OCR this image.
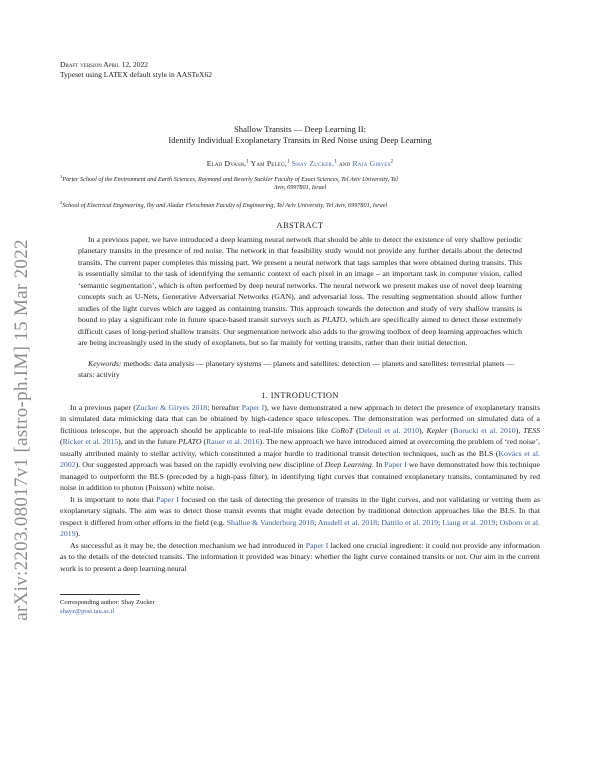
arXiv:2203.08017v1 [astro-ph.IM] 15 Mar 2022
Draft version April 12, 2022
Typeset using LATEX default style in AASTeX62
Shallow Transits — Deep Learning II:
Identify Individual Exoplanetary Transits in Red Noise using Deep Learning
Elad Dvash,$^1$ Yam Peleg,$^1$ Shay Zucker,$^1$ and Raja Giryes$^2$
$^1$Porter School of the Environment and Earth Sciences, Raymond and Beverly Sackler Faculty of Exact Sciences, Tel Aviv University, Tel
Aviv, 6997801, Israel
$^2$School of Electrical Engineering, Iby and Aladar Fleischman Faculty of Engineering, Tel Aviv University, Tel Aviv, 6997801, Israel
ABSTRACT
In a previous paper, we have introduced a deep learning neural network that should be able to detect the existence of very shallow periodic planetary transits in the presence of red noise. The network in that feasibility study would not provide any further details about the detected transits. The current paper completes this missing part. We present a neural network that tags samples that were obtained during transits. This is essentially similar to the task of identifying the semantic context of each pixel in an image – an important task in computer vision, called ‘semantic segmentation’, which is often performed by deep neural networks. The neural network we present makes use of novel deep learning concepts such as U-Nets, Generative Adversarial Networks (GAN), and adversarial loss. The resulting segmentation should allow further studies of the light curves which are tagged as containing transits. This approach towards the detection and study of very shallow transits is bound to play a significant role in future space-based transit surveys such as PLATO, which are specifically aimed to detect those extremely difficult cases of long-period shallow transits. Our segmentation network also adds to the growing toolbox of deep learning approaches which are being increasingly used in the study of exoplanets, but so far mainly for vetting transits, rather than their initial detection.
Keywords: methods: data analysis — planetary systems — planets and satellites: detection — planets and satellites: terrestrial planets — stars: activity
1. INTRODUCTION

In a previous paper (Zucker & Giryes 2018; hereafter Paper I), we have demonstrated a new approach to detect the presence of exoplanetary transits in simulated data mimicking data that can be obtained by high-cadence space telescopes. The demonstration was performed on simulated data of a fictitious telescope, but the approach should be applicable to real-life missions like CoRoT (Deleuil et al. 2010), Kepler (Borucki et al. 2010), TESS (Ricker et al. 2015), and in the future PLATO (Rauer et al. 2016). The new approach we have introduced aimed at overcoming the problem of ‘red noise’, usually attributed mainly to stellar activity, which constituted a major hurdle to traditional transit detection techniques, such as the BLS (Kovács et al. 2002). Our suggested approach was based on the rapidly evolving new discipline of Deep Learning. In Paper I we have demonstrated how this technique managed to outperform the BLS (preceded by a high-pass filter), in identifying light curves that contained exoplanetary transits, contaminated by red noise in addition to photon (Poisson) white noise.

It is important to note that Paper I focused on the task of detecting the presence of transits in the light curves, and not validating or vetting them as exoplanetary signals. The aim was to detect those transit events that might evade detection by traditional detection approaches like the BLS. In that respect it differed from other efforts in the field (e.g. Shallue & Vanderburg 2018; Ansdell et al. 2018; Dattilo et al. 2019; Liang et al. 2019; Osborn et al. 2019).

As successful as it may be, the detection mechanism we had introduced in Paper I lacked one crucial ingredient: it could not provide any information as to the details of the detected transits. The information it provided was binary: whether the light curve contained transits or not. Our aim in the current work is to present a deep learning neural

Corresponding author: Shay Zucker
shayz@post.tau.ac.il
